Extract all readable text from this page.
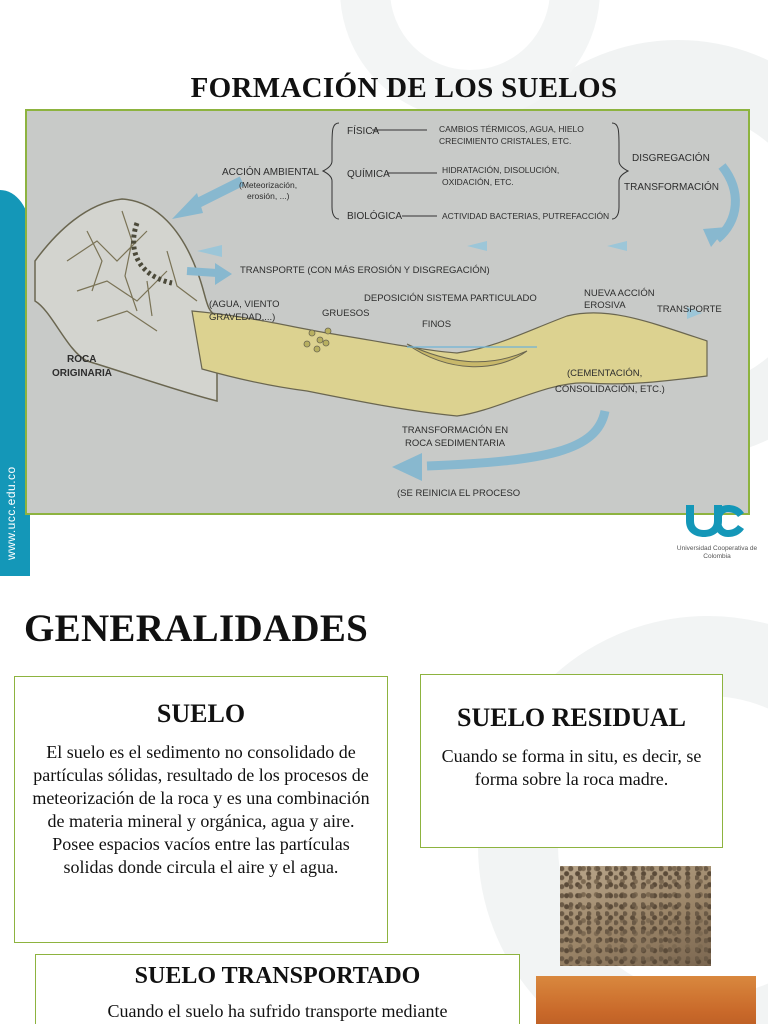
www.ucc.edu.co
FORMACIÓN DE LOS SUELOS
ACCIÓN AMBIENTAL
(Meteorización,
erosión, ...)
FÍSICA	CAMBIOS TÉRMICOS, AGUA, HIELO
CRECIMIENTO CRISTALES, ETC.
QUÍMICA	HIDRATACIÓN, DISOLUCIÓN,
OXIDACIÓN, ETC.
BIOLÓGICA	ACTIVIDAD BACTERIAS, PUTREFACCIÓN
DISGREGACIÓN
TRANSFORMACIÓN
TRANSPORTE (CON MÁS EROSIÓN Y DISGREGACIÓN)
(AGUA, VIENTO
GRAVEDAD,...)	GRUESOS
DEPOSICIÓN SISTEMA PARTICULADO
FINOS
NUEVA ACCIÓN
EROSIVA	TRANSPORTE
ROCA
ORIGINARIA	(CEMENTACIÓN,
CONSOLIDACIÓN, ETC.)
TRANSFORMACIÓN EN
ROCA SEDIMENTARIA
(SE REINICIA EL PROCESO
Universidad Cooperativa de Colombia
GENERALIDADES
SUELO
El suelo es el sedimento no consolidado de partículas sólidas, resultado de los procesos de meteorización de la roca y es una combinación de materia mineral y orgánica, agua y aire. Posee espacios vacíos entre las partículas solidas donde circula el aire y el agua.
SUELO RESIDUAL
Cuando se forma in situ, es decir, se forma sobre la roca madre.
SUELO TRANSPORTADO
Cuando el suelo ha sufrido transporte mediante
